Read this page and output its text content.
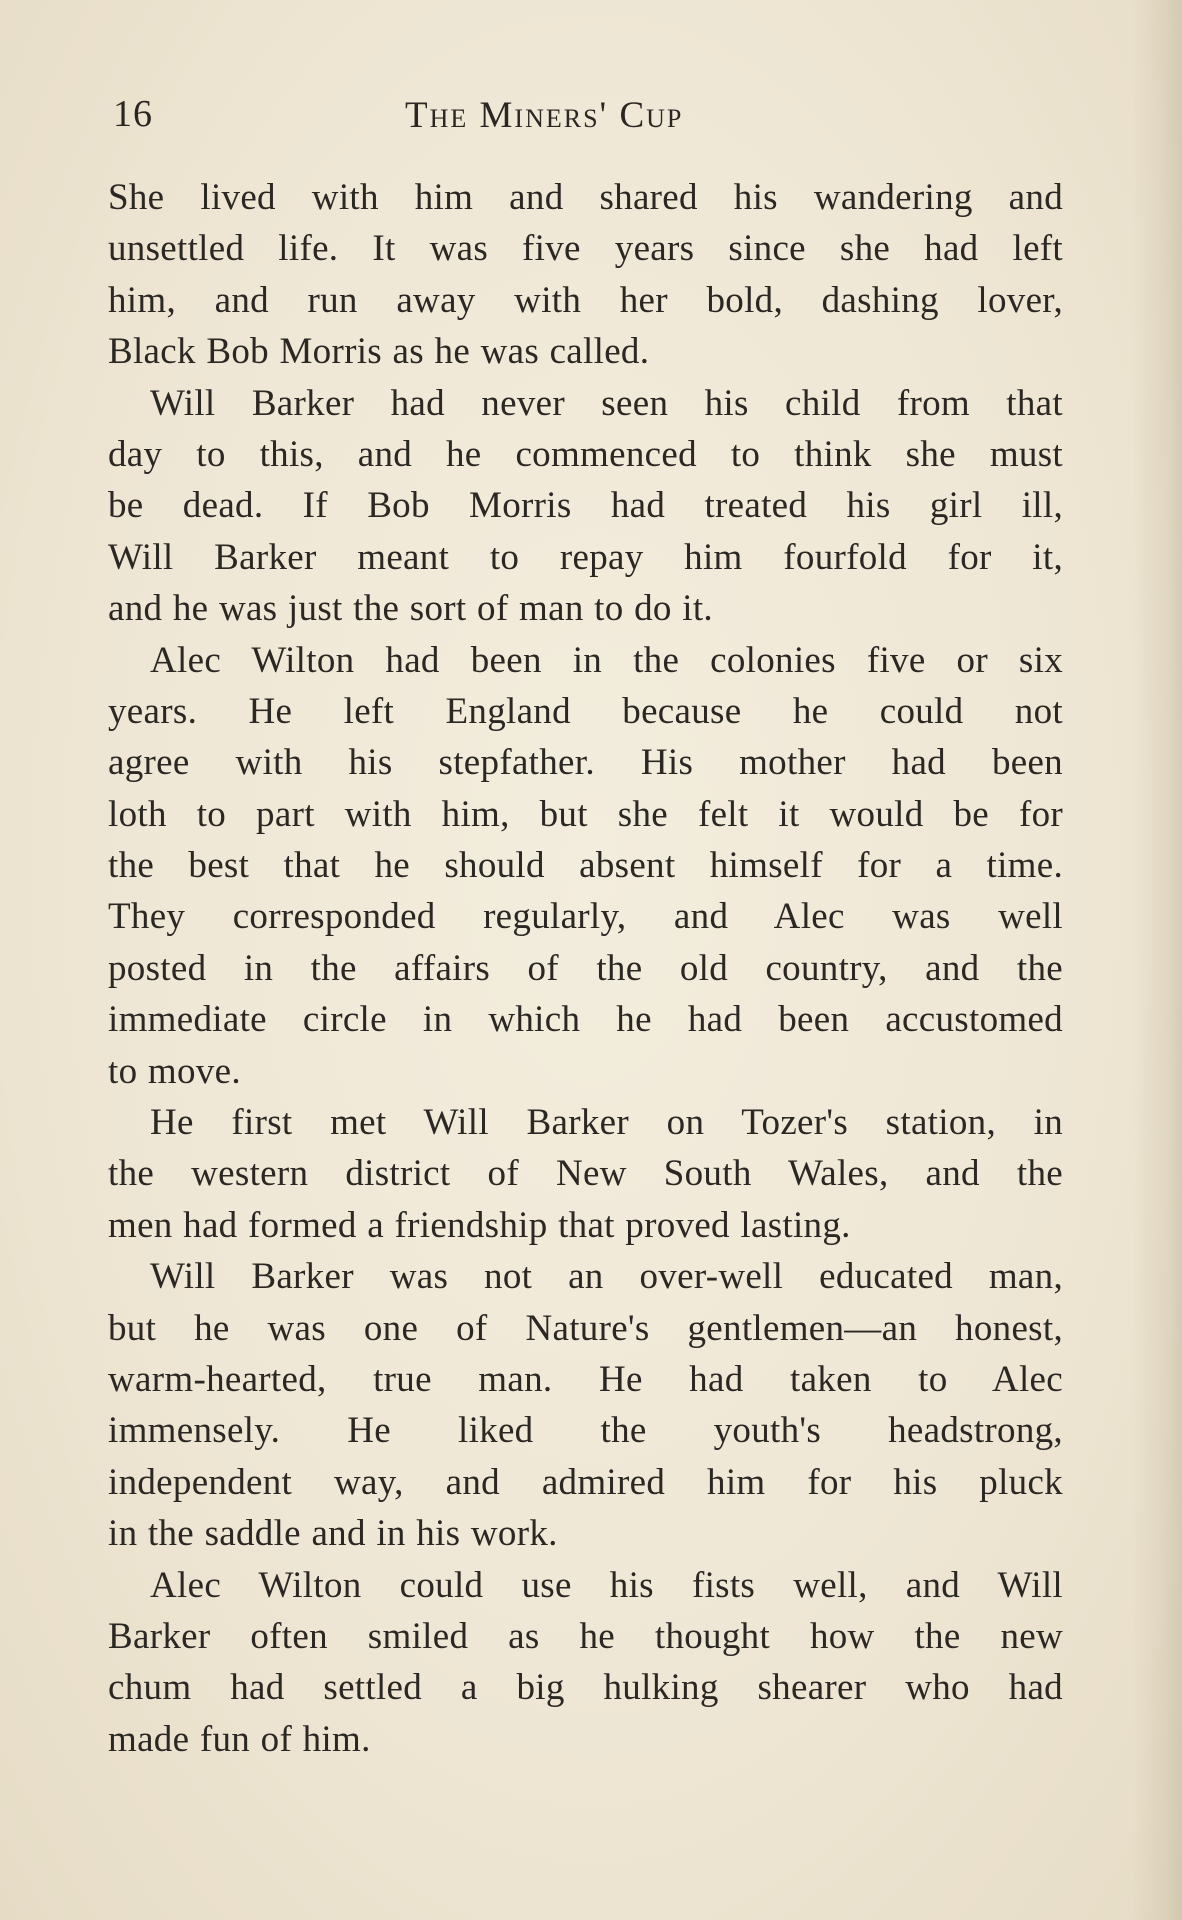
16	The Miners' Cup
She lived with him and shared his wandering and
unsettled life. It was five years since she had left
him, and run away with her bold, dashing lover,
Black Bob Morris as he was called.
Will Barker had never seen his child from that
day to this, and he commenced to think she must
be dead. If Bob Morris had treated his girl ill,
Will Barker meant to repay him fourfold for it,
and he was just the sort of man to do it.
Alec Wilton had been in the colonies five or six
years. He left England because he could not
agree with his stepfather. His mother had been
loth to part with him, but she felt it would be for
the best that he should absent himself for a time.
They corresponded regularly, and Alec was well
posted in the affairs of the old country, and the
immediate circle in which he had been accustomed
to move.
He first met Will Barker on Tozer's station, in
the western district of New South Wales, and the
men had formed a friendship that proved lasting.
Will Barker was not an over-well educated man,
but he was one of Nature's gentlemen—an honest,
warm-hearted, true man. He had taken to Alec
immensely. He liked the youth's headstrong,
independent way, and admired him for his pluck
in the saddle and in his work.
Alec Wilton could use his fists well, and Will
Barker often smiled as he thought how the new
chum had settled a big hulking shearer who had
made fun of him.
